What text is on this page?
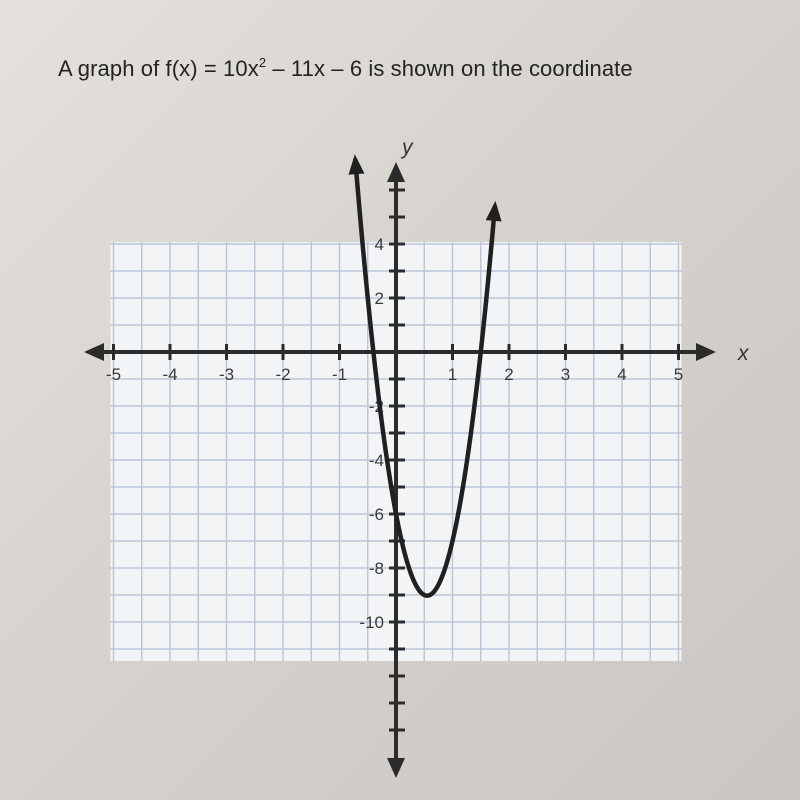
A graph of $f(x) = 10x^2 - 11x - 6$ is shown on the coordinate
-5 -4 -3 -2 -1	1	2	3	4	5
4
2
-2
-4
-6
-8
-10
x
y
